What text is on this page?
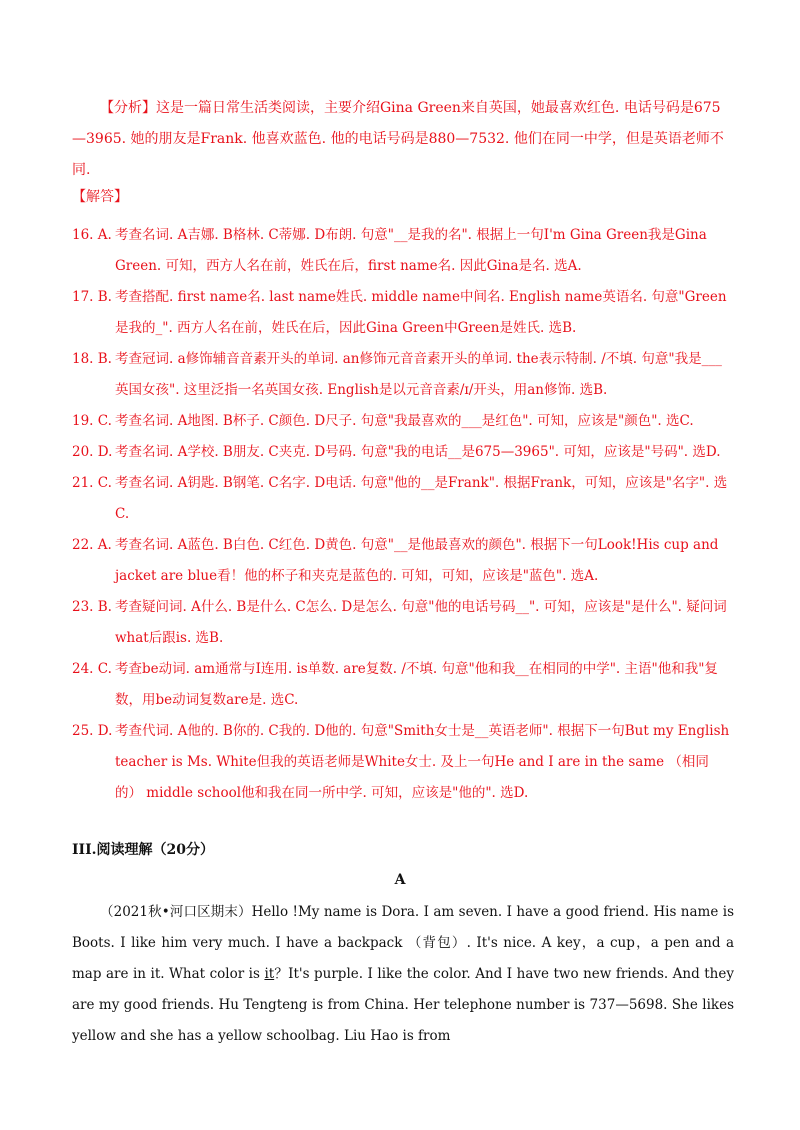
【分析】这是一篇日常生活类阅读，主要介绍Gina Green来自英国，她最喜欢红色. 电话号码是675—3965. 她的朋友是Frank. 他喜欢蓝色. 他的电话号码是880—7532. 他们在同一中学，但是英语老师不同.
【解答】
16. A. 考查名词. A吉娜. B格林. C蒂娜. D布朗. 句意"__是我的名". 根据上一句I'm Gina Green我是Gina Green. 可知，西方人名在前，姓氏在后，first name名. 因此Gina是名. 选A.
17. B. 考查搭配. first name名. last name姓氏. middle name中间名. English name英语名. 句意"Green是我的_". 西方人名在前，姓氏在后，因此Gina Green中Green是姓氏. 选B.
18. B. 考查冠词. a修饰辅音音素开头的单词. an修饰元音音素开头的单词. the表示特制. /不填. 句意"我是___英国女孩". 这里泛指一名英国女孩. English是以元音音素/ɪ/开头，用an修饰. 选B.
19. C. 考查名词. A地图. B杯子. C颜色. D尺子. 句意"我最喜欢的___是红色". 可知，应该是"颜色". 选C.
20. D. 考查名词. A学校. B朋友. C夹克. D号码. 句意"我的电话__是675—3965". 可知，应该是"号码". 选D.
21. C. 考查名词. A钥匙. B钢笔. C名字. D电话. 句意"他的__是Frank". 根据Frank，可知，应该是"名字". 选C.
22. A. 考查名词. A蓝色. B白色. C红色. D黄色. 句意"__是他最喜欢的颜色". 根据下一句Look!His cup and jacket are blue看！他的杯子和夹克是蓝色的. 可知，可知，应该是"蓝色". 选A.
23. B. 考查疑问词. A什么. B是什么. C怎么. D是怎么. 句意"他的电话号码__". 可知，应该是"是什么". 疑问词what后跟is. 选B.
24. C. 考查be动词. am通常与I连用. is单数. are复数. /不填. 句意"他和我__在相同的中学". 主语"他和我"复数，用be动词复数are是. 选C.
25. D. 考查代词. A他的. B你的. C我的. D他的. 句意"Smith女士是__英语老师". 根据下一句But my English teacher is Ms. White但我的英语老师是White女士. 及上一句He and I are in the same （相同的） middle school他和我在同一所中学. 可知，应该是"他的". 选D.
III.阅读理解（20分）
A
（2021秋•河口区期末）Hello !My name is Dora. I am seven. I have a good friend. His name is Boots. I like him very much. I have a backpack （背包）. It's nice. A key，a cup，a pen and a map are in it. What color is it？It's purple. I like the color. And I have two new friends. And they are my good friends. Hu Tengteng is from China. Her telephone number is 737—5698. She likes yellow and she has a yellow schoolbag. Liu Hao is from
